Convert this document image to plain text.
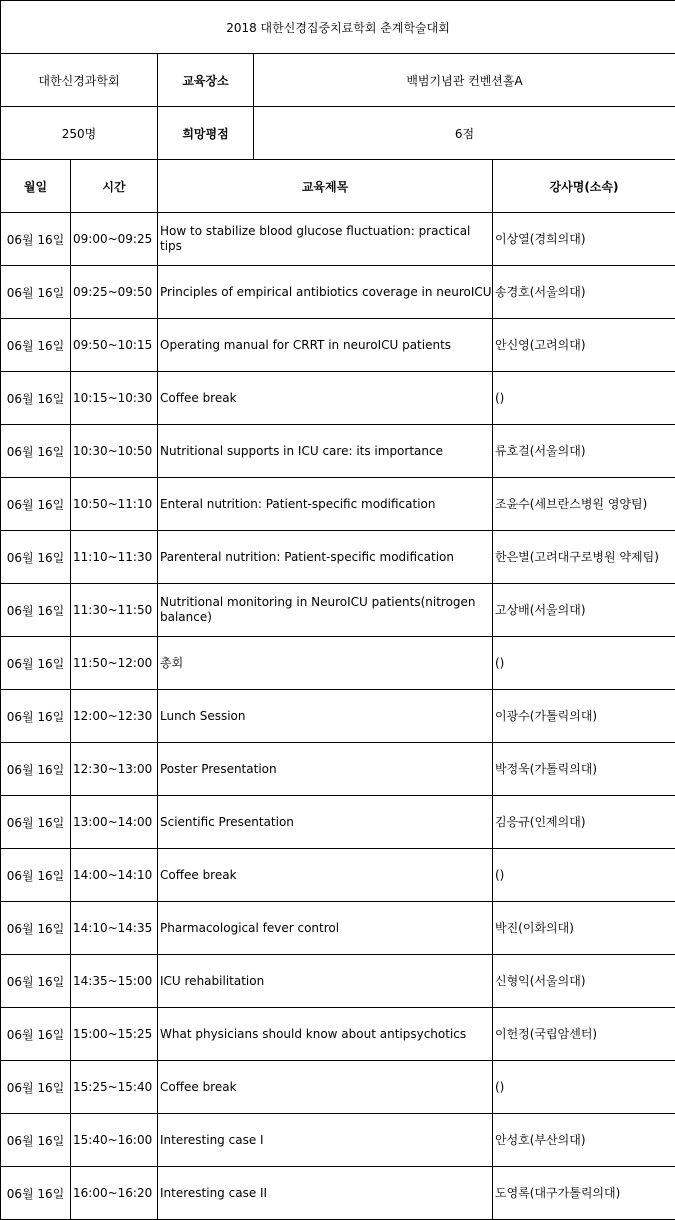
2018 대한신경집중치료학회 춘계학술대회				
대한신경과학회		교육장소	백범기념관 컨벤션홀A	
250명		희망평점	6점	
월일	시간	교육제목		강사명(소속)
06월 16일	09:00~09:25	How to stabilize blood glucose fluctuation: practical tips		이상열(경희의대)
06월 16일	09:25~09:50	Principles of empirical antibiotics coverage in neuroICU		송경호(서울의대)
06월 16일	09:50~10:15	Operating manual for CRRT in neuroICU patients		안신영(고려의대)
06월 16일	10:15~10:30	Coffee break		()
06월 16일	10:30~10:50	Nutritional supports in ICU care: its importance		류호걸(서울의대)
06월 16일	10:50~11:10	Enteral nutrition: Patient-specific modification		조윤수(세브란스병원 영양팀)
06월 16일	11:10~11:30	Parenteral nutrition: Patient-specific modification		한은별(고려대구로병원 약제팀)
06월 16일	11:30~11:50	Nutritional monitoring in NeuroICU patients(nitrogen balance)		고상배(서울의대)
06월 16일	11:50~12:00	총회		()
06월 16일	12:00~12:30	Lunch Session		이광수(가톨릭의대)
06월 16일	12:30~13:00	Poster Presentation		박정욱(가톨릭의대)
06월 16일	13:00~14:00	Scientific Presentation		김응규(인제의대)
06월 16일	14:00~14:10	Coffee break		()
06월 16일	14:10~14:35	Pharmacological fever control		박진(이화의대)
06월 16일	14:35~15:00	ICU rehabilitation		신형익(서울의대)
06월 16일	15:00~15:25	What physicians should know about antipsychotics		이헌정(국립암센터)
06월 16일	15:25~15:40	Coffee break		()
06월 16일	15:40~16:00	Interesting case I		안성호(부산의대)
06월 16일	16:00~16:20	Interesting case II		도영록(대구가톨릭의대)
